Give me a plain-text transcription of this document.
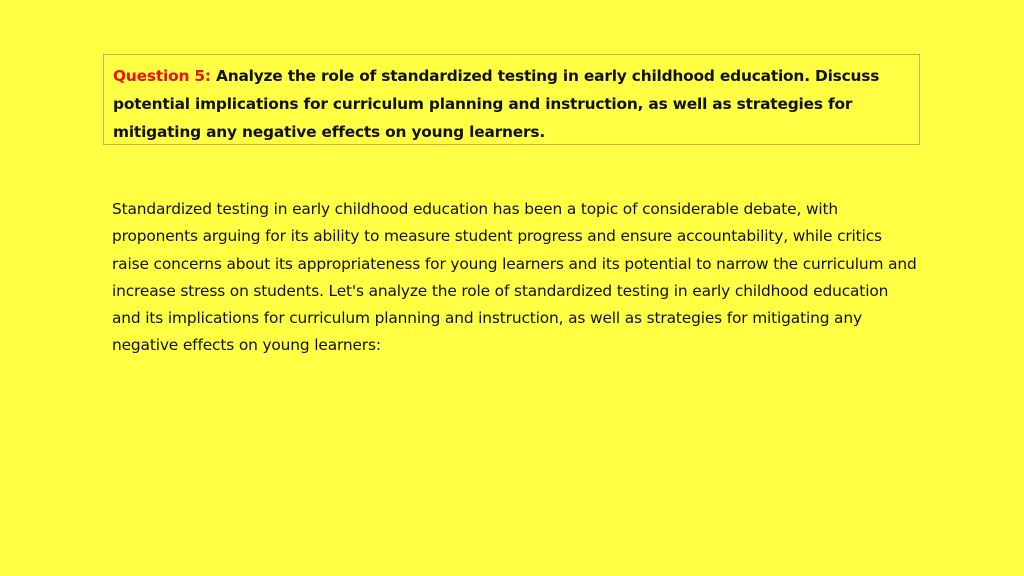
Question 5: Analyze the role of standardized testing in early childhood education. Discuss potential implications for curriculum planning and instruction, as well as strategies for mitigating any negative effects on young learners.

Standardized testing in early childhood education has been a topic of considerable debate, with proponents arguing for its ability to measure student progress and ensure accountability, while critics raise concerns about its appropriateness for young learners and its potential to narrow the curriculum and increase stress on students. Let's analyze the role of standardized testing in early childhood education and its implications for curriculum planning and instruction, as well as strategies for mitigating any negative effects on young learners:
